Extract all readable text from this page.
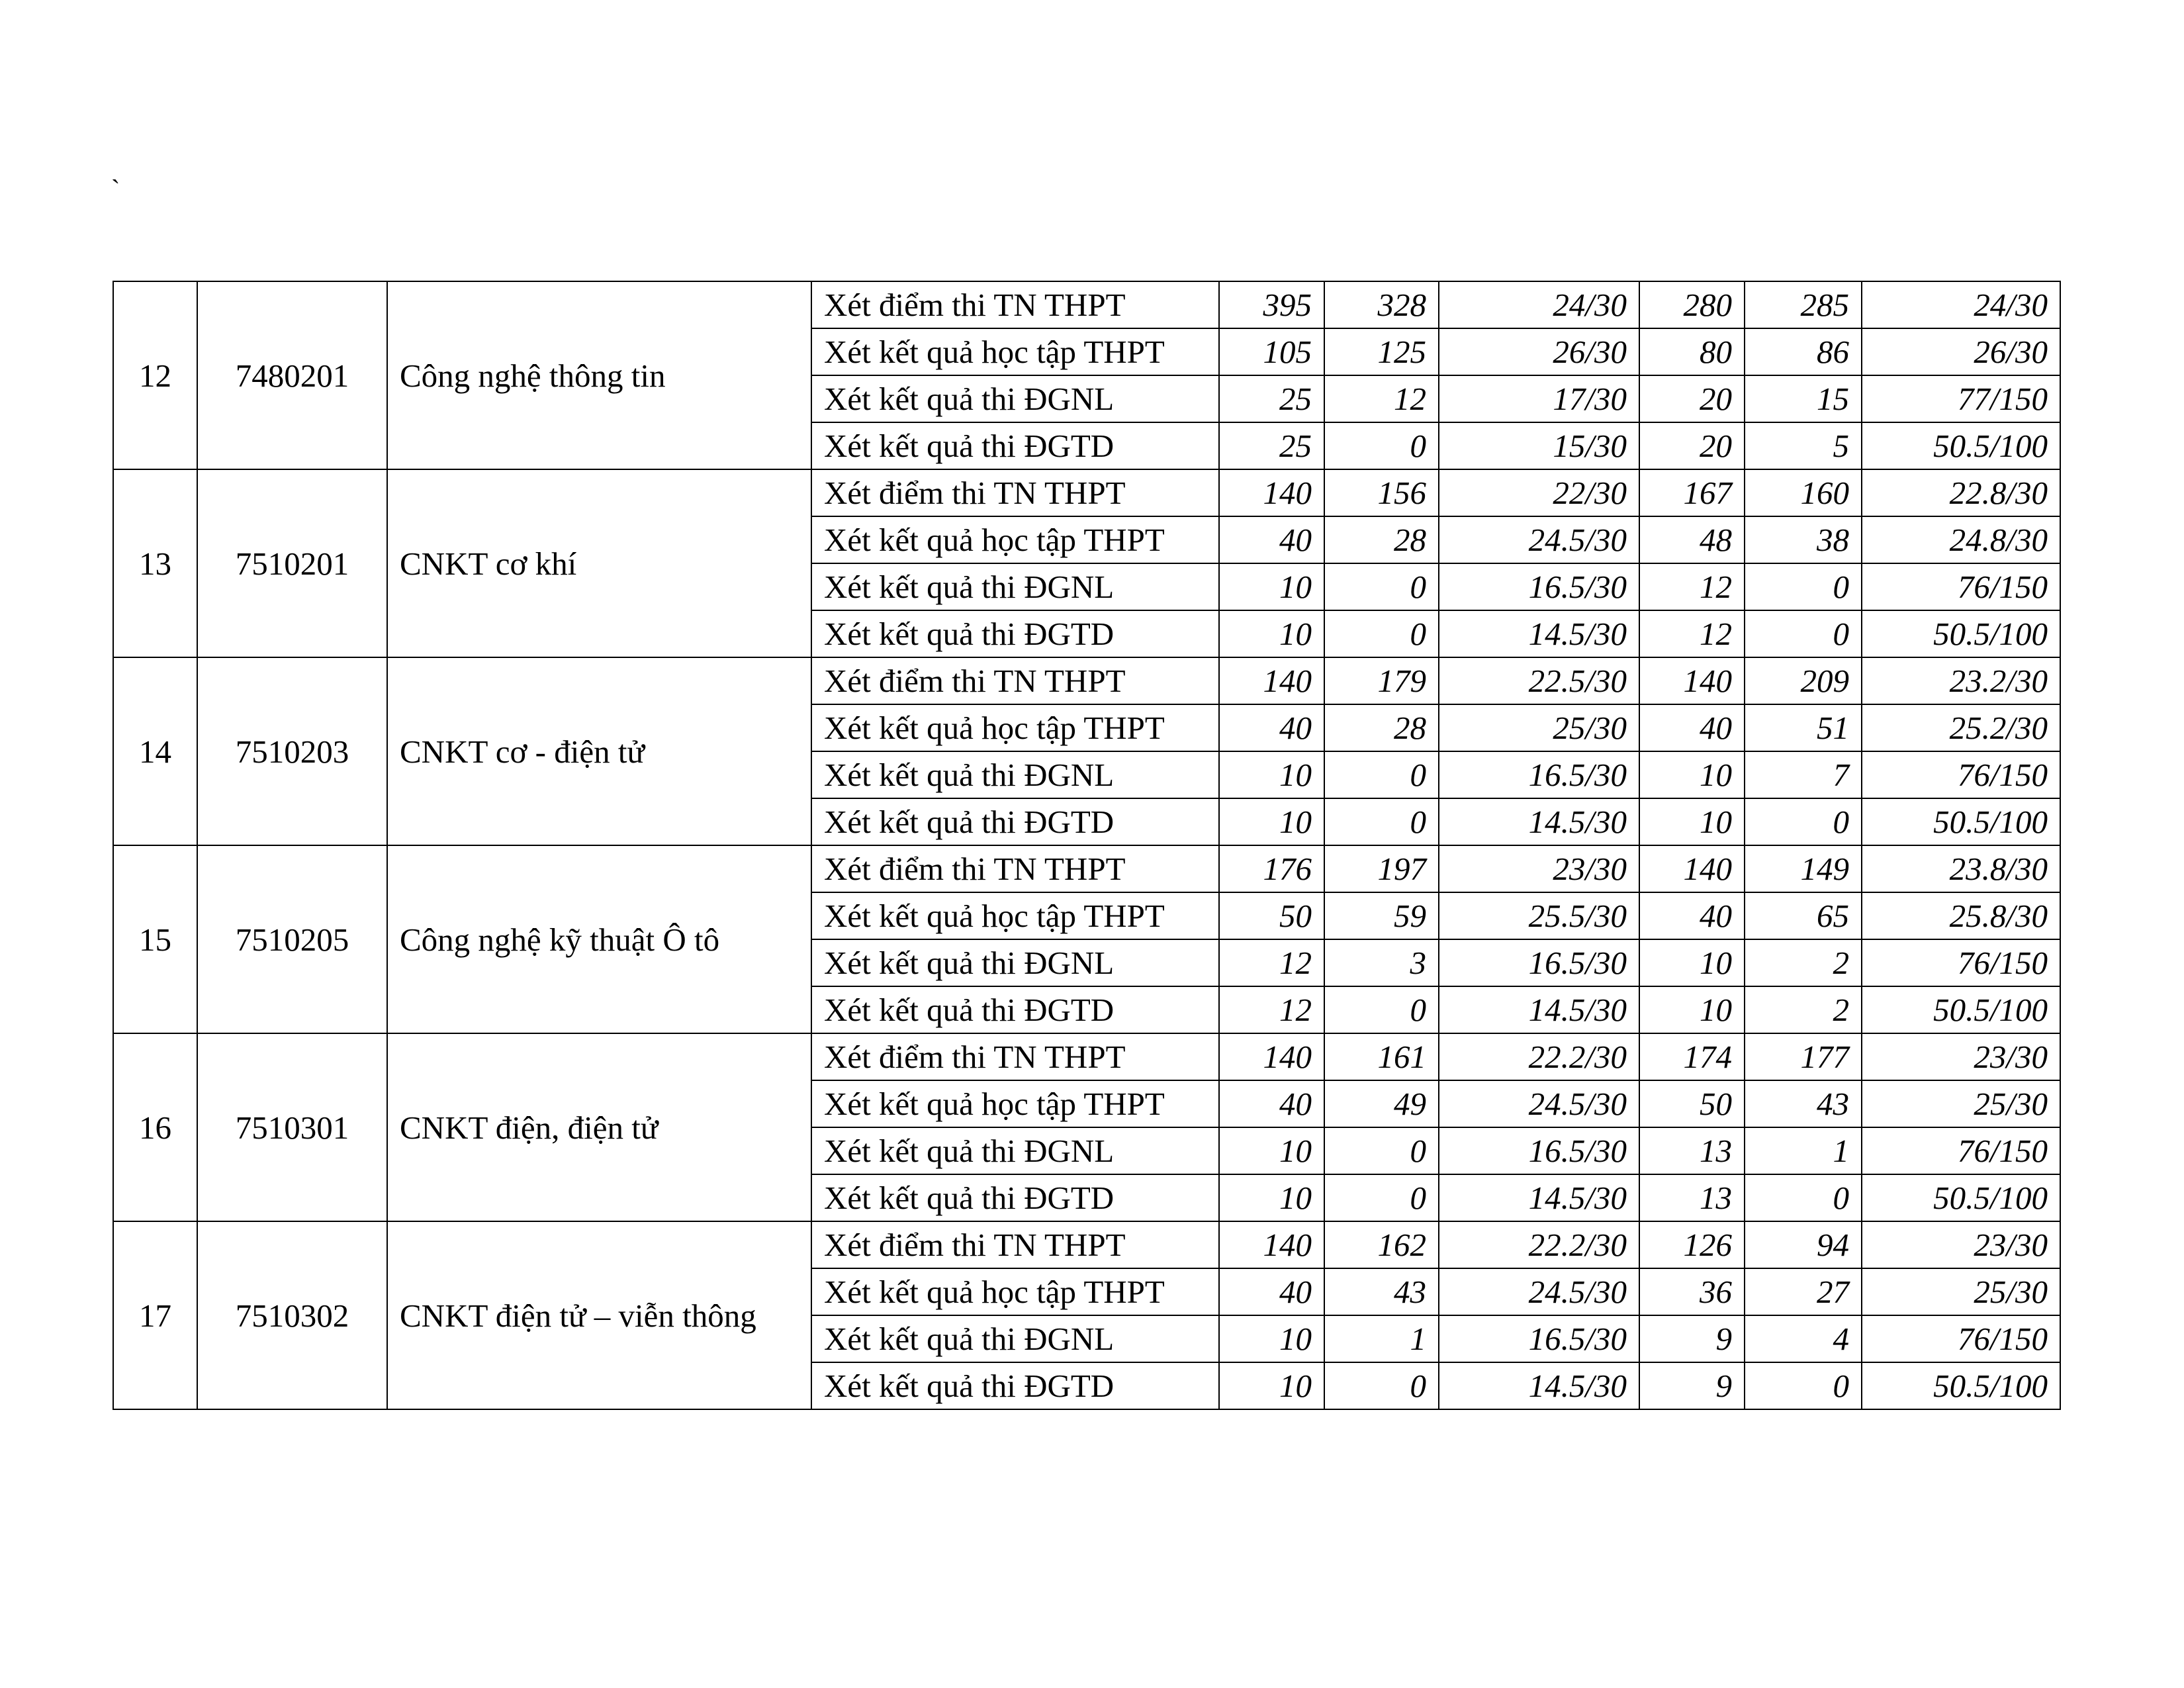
`
12	7480201	Công nghệ thông tin	Xét điểm thi TN THPT	395	328	24/30	280	285	24/30
			Xét kết quả học tập THPT	105	125	26/30	80	86	26/30
			Xét kết quả thi ĐGNL	25	12	17/30	20	15	77/150
			Xét kết quả thi ĐGTD	25	0	15/30	20	5	50.5/100
13	7510201	CNKT cơ khí	Xét điểm thi TN THPT	140	156	22/30	167	160	22.8/30
			Xét kết quả học tập THPT	40	28	24.5/30	48	38	24.8/30
			Xét kết quả thi ĐGNL	10	0	16.5/30	12	0	76/150
			Xét kết quả thi ĐGTD	10	0	14.5/30	12	0	50.5/100
14	7510203	CNKT cơ - điện tử	Xét điểm thi TN THPT	140	179	22.5/30	140	209	23.2/30
			Xét kết quả học tập THPT	40	28	25/30	40	51	25.2/30
			Xét kết quả thi ĐGNL	10	0	16.5/30	10	7	76/150
			Xét kết quả thi ĐGTD	10	0	14.5/30	10	0	50.5/100
15	7510205	Công nghệ kỹ thuật Ô tô	Xét điểm thi TN THPT	176	197	23/30	140	149	23.8/30
			Xét kết quả học tập THPT	50	59	25.5/30	40	65	25.8/30
			Xét kết quả thi ĐGNL	12	3	16.5/30	10	2	76/150
			Xét kết quả thi ĐGTD	12	0	14.5/30	10	2	50.5/100
16	7510301	CNKT điện, điện tử	Xét điểm thi TN THPT	140	161	22.2/30	174	177	23/30
			Xét kết quả học tập THPT	40	49	24.5/30	50	43	25/30
			Xét kết quả thi ĐGNL	10	0	16.5/30	13	1	76/150
			Xét kết quả thi ĐGTD	10	0	14.5/30	13	0	50.5/100
17	7510302	CNKT điện tử – viễn thông	Xét điểm thi TN THPT	140	162	22.2/30	126	94	23/30
			Xét kết quả học tập THPT	40	43	24.5/30	36	27	25/30
			Xét kết quả thi ĐGNL	10	1	16.5/30	9	4	76/150
			Xét kết quả thi ĐGTD	10	0	14.5/30	9	0	50.5/100
